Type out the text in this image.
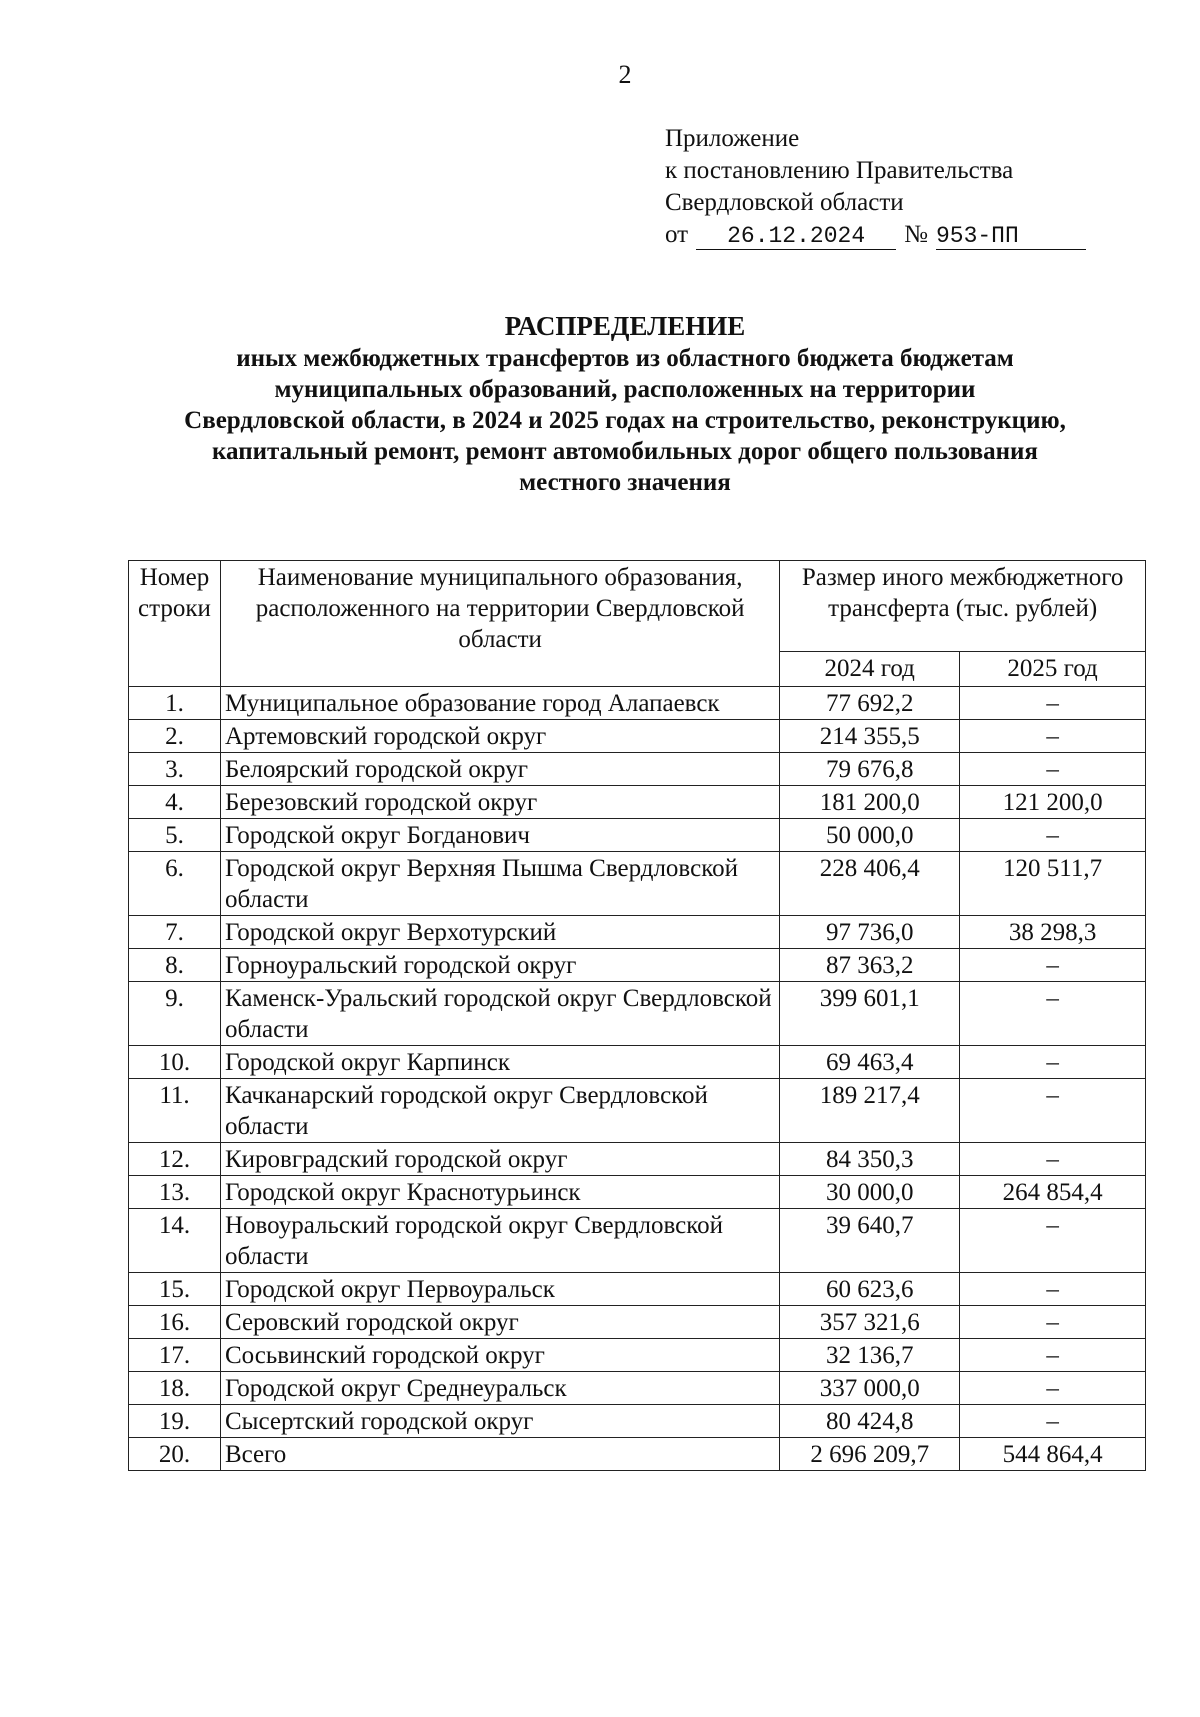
2
Приложение
к постановлению Правительства
Свердловской области
от 26.12.2024 № 953-ПП
РАСПРЕДЕЛЕНИЕ
иных межбюджетных трансфертов из областного бюджета бюджетам
муниципальных образований, расположенных на территории
Свердловской области, в 2024 и 2025 годах на строительство, реконструкцию,
капитальный ремонт, ремонт автомобильных дорог общего пользования
местного значения
Номер строки	Наименование муниципального образования, расположенного на территории Свердловской области	Размер иного межбюджетного трансферта (тыс. рублей)	
		2024 год	2025 год
1.	Муниципальное образование город Алапаевск	77 692,2	–
2.	Артемовский городской округ	214 355,5	–
3.	Белоярский городской округ	79 676,8	–
4.	Березовский городской округ	181 200,0	121 200,0
5.	Городской округ Богданович	50 000,0	–
6.	Городской округ Верхняя Пышма Свердловской области	228 406,4	120 511,7
7.	Городской округ Верхотурский	97 736,0	38 298,3
8.	Горноуральский городской округ	87 363,2	–
9.	Каменск-Уральский городской округ Свердловской области	399 601,1	–
10.	Городской округ Карпинск	69 463,4	–
11.	Качканарский городской округ Свердловской области	189 217,4	–
12.	Кировградский городской округ	84 350,3	–
13.	Городской округ Краснотурьинск	30 000,0	264 854,4
14.	Новоуральский городской округ Свердловской области	39 640,7	–
15.	Городской округ Первоуральск	60 623,6	–
16.	Серовский городской округ	357 321,6	–
17.	Сосьвинский городской округ	32 136,7	–
18.	Городской округ Среднеуральск	337 000,0	–
19.	Сысертский городской округ	80 424,8	–
20.	Всего	2 696 209,7	544 864,4
